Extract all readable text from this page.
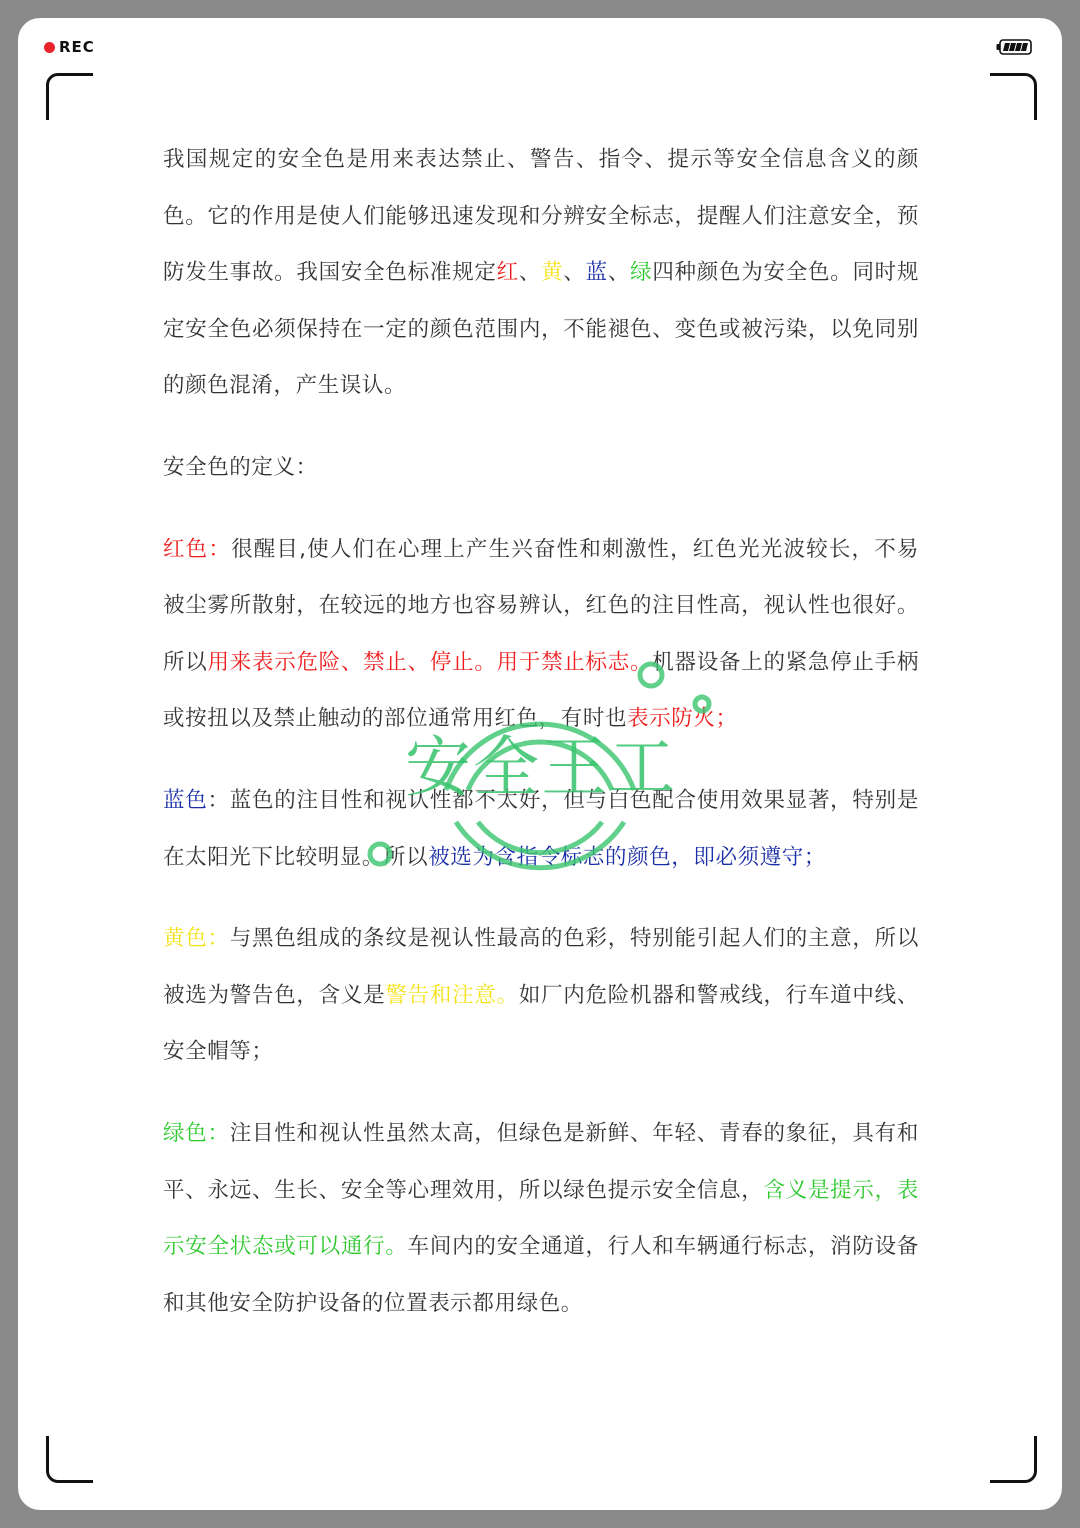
REC

我国规定的安全色是用来表达禁止、警告、指令、提示等安全信息含义的颜色。它的作用是使人们能够迅速发现和分辨安全标志，提醒人们注意安全，预防发生事故。我国安全色标准规定红、黄、蓝、绿四种颜色为安全色。同时规定安全色必须保持在一定的颜色范围内，不能褪色、变色或被污染，以免同别的颜色混淆，产生误认。

安全色的定义：

红色：很醒目,使人们在心理上产生兴奋性和刺激性，红色光光波较长，不易被尘雾所散射，在较远的地方也容易辨认，红色的注目性高，视认性也很好。所以用来表示危险、禁止、停止。用于禁止标志。机器设备上的紧急停止手柄或按扭以及禁止触动的部位通常用红色，有时也表示防火；

蓝色：蓝色的注目性和视认性都不太好，但与白色配合使用效果显著，特别是在太阳光下比较明显。所以被选为含指令标志的颜色，即必须遵守；

黄色：与黑色组成的条纹是视认性最高的色彩，特别能引起人们的主意，所以被选为警告色，含义是警告和注意。如厂内危险机器和警戒线，行车道中线、安全帽等；

绿色：注目性和视认性虽然太高，但绿色是新鲜、年轻、青春的象征，具有和平、永远、生长、安全等心理效用，所以绿色提示安全信息，含义是提示，表示安全状态或可以通行。车间内的安全通道，行人和车辆通行标志，消防设备和其他安全防护设备的位置表示都用绿色。

安全王工
